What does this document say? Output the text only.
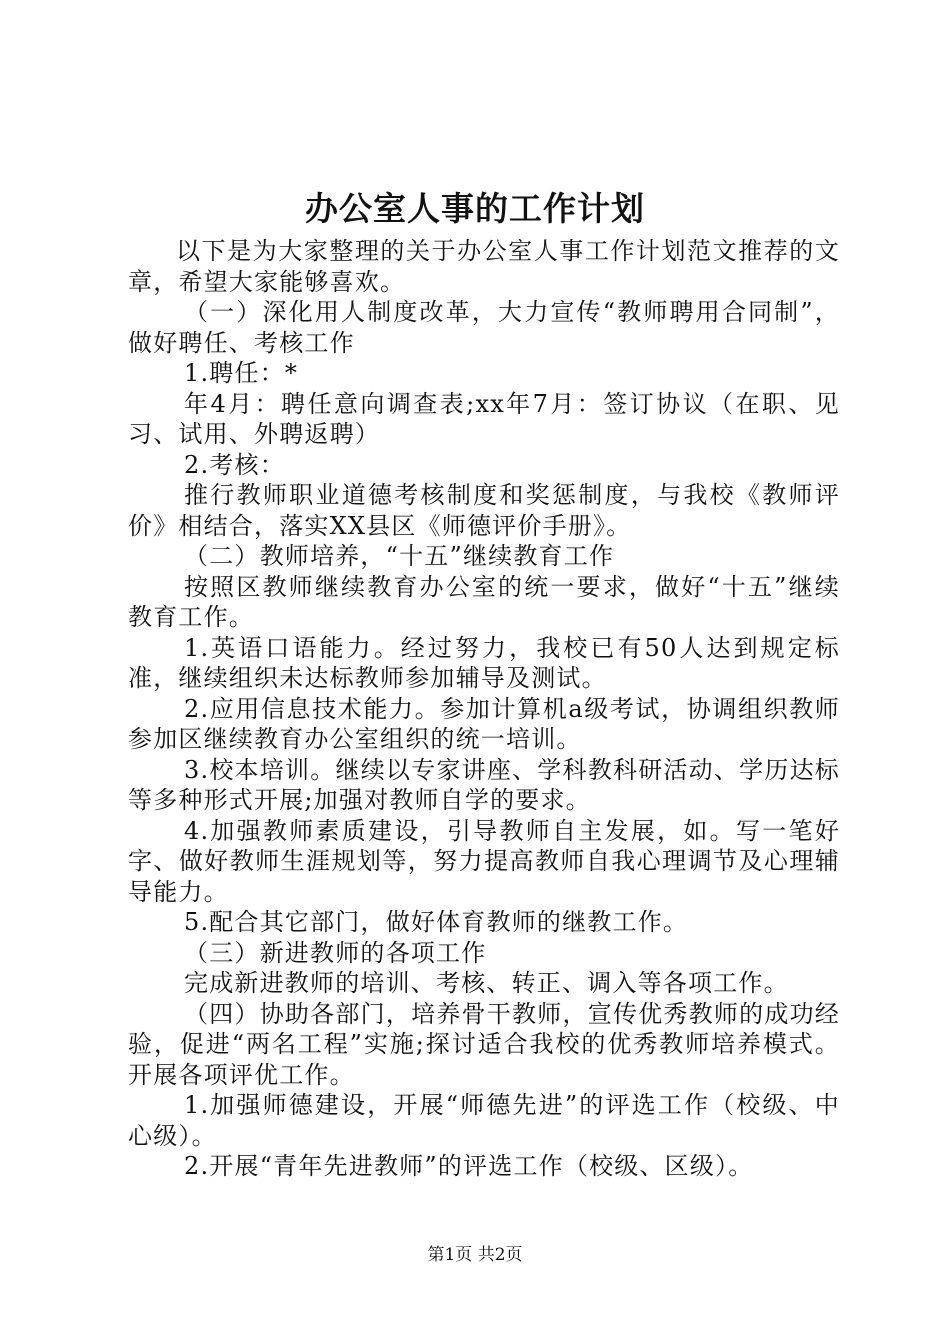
办公室人事的工作计划

以下是为大家整理的关于办公室人事工作计划范文推荐的文章，希望大家能够喜欢。

（一）深化用人制度改革，大力宣传“教师聘用合同制”，做好聘任、考核工作

1.聘任：*

年4月：聘任意向调查表;xx年7月：签订协议（在职、见习、试用、外聘返聘）

2.考核：

推行教师职业道德考核制度和奖惩制度，与我校《教师评价》相结合，落实XX县区《师德评价手册》。

（二）教师培养，“十五”继续教育工作

按照区教师继续教育办公室的统一要求，做好“十五”继续教育工作。

1.英语口语能力。经过努力，我校已有50人达到规定标准，继续组织未达标教师参加辅导及测试。

2.应用信息技术能力。参加计算机a级考试，协调组织教师参加区继续教育办公室组织的统一培训。

3.校本培训。继续以专家讲座、学科教科研活动、学历达标等多种形式开展;加强对教师自学的要求。

4.加强教师素质建设，引导教师自主发展，如。写一笔好字、做好教师生涯规划等，努力提高教师自我心理调节及心理辅导能力。

5.配合其它部门，做好体育教师的继教工作。

（三）新进教师的各项工作

完成新进教师的培训、考核、转正、调入等各项工作。

（四）协助各部门，培养骨干教师，宣传优秀教师的成功经验，促进“两名工程”实施;探讨适合我校的优秀教师培养模式。开展各项评优工作。

1.加强师德建设，开展“师德先进”的评选工作（校级、中心级）。

2.开展“青年先进教师”的评选工作（校级、区级）。

第1页 共2页
